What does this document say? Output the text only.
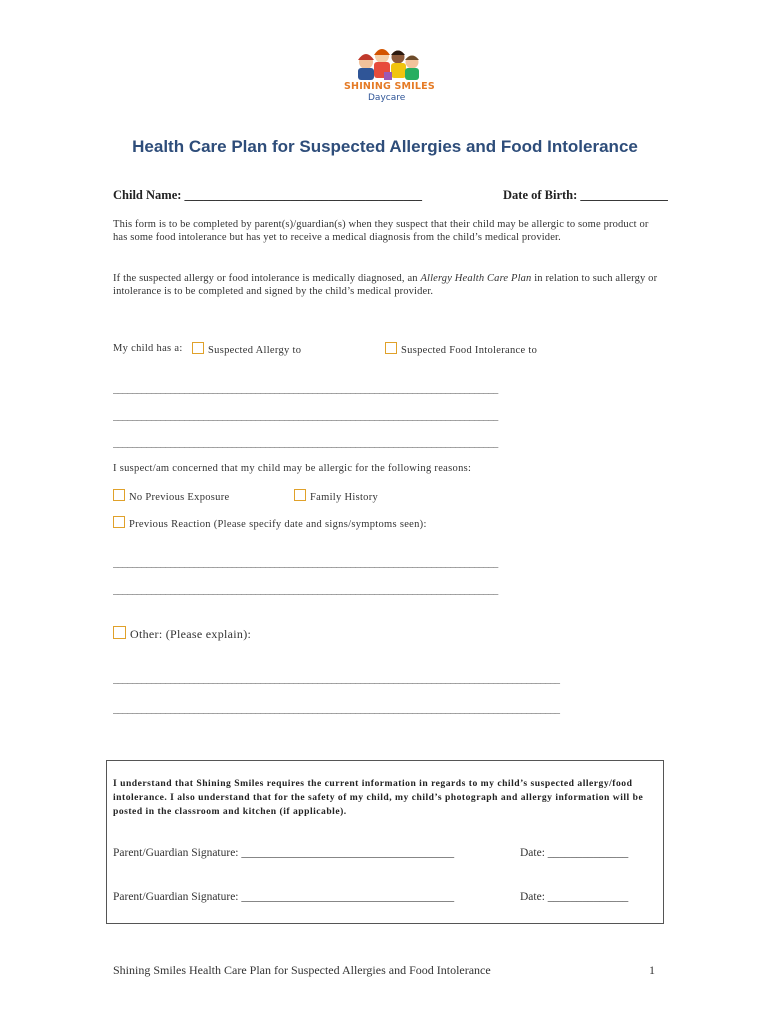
SHINING SMILES
Daycare
Health Care Plan for Suspected Allergies and Food Intolerance
Child Name: ______________________________________	Date of Birth: ______________
This form is to be completed by parent(s)/guardian(s) when they suspect that their child may be allergic to some product or has some food intolerance but has yet to receive a medical diagnosis from the child’s medical provider.
If the suspected allergy or food intolerance is medically diagnosed, an Allergy Health Care Plan in relation to such allergy or intolerance is to be completed and signed by the child’s medical provider.
My child has a:	Suspected Allergy to	Suspected Food Intolerance to
_________________________________________________________________________________
_________________________________________________________________________________
_________________________________________________________________________________
I suspect/am concerned that my child may be allergic for the following reasons:
No Previous Exposure	Family History
Previous Reaction (Please specify date and signs/symptoms seen):
_________________________________________________________________________________
_________________________________________________________________________________
Other: (Please explain):
______________________________________________________________________________________________
______________________________________________________________________________________________
I understand that Shining Smiles requires the current information in regards to my child’s suspected allergy/food intolerance. I also understand that for the safety of my child, my child’s photograph and allergy information will be posted in the classroom and kitchen (if applicable).
Parent/Guardian Signature: _____________________________________	Date: ______________
Parent/Guardian Signature: _____________________________________	Date: ______________
Shining Smiles Health Care Plan for Suspected Allergies and Food Intolerance	1
